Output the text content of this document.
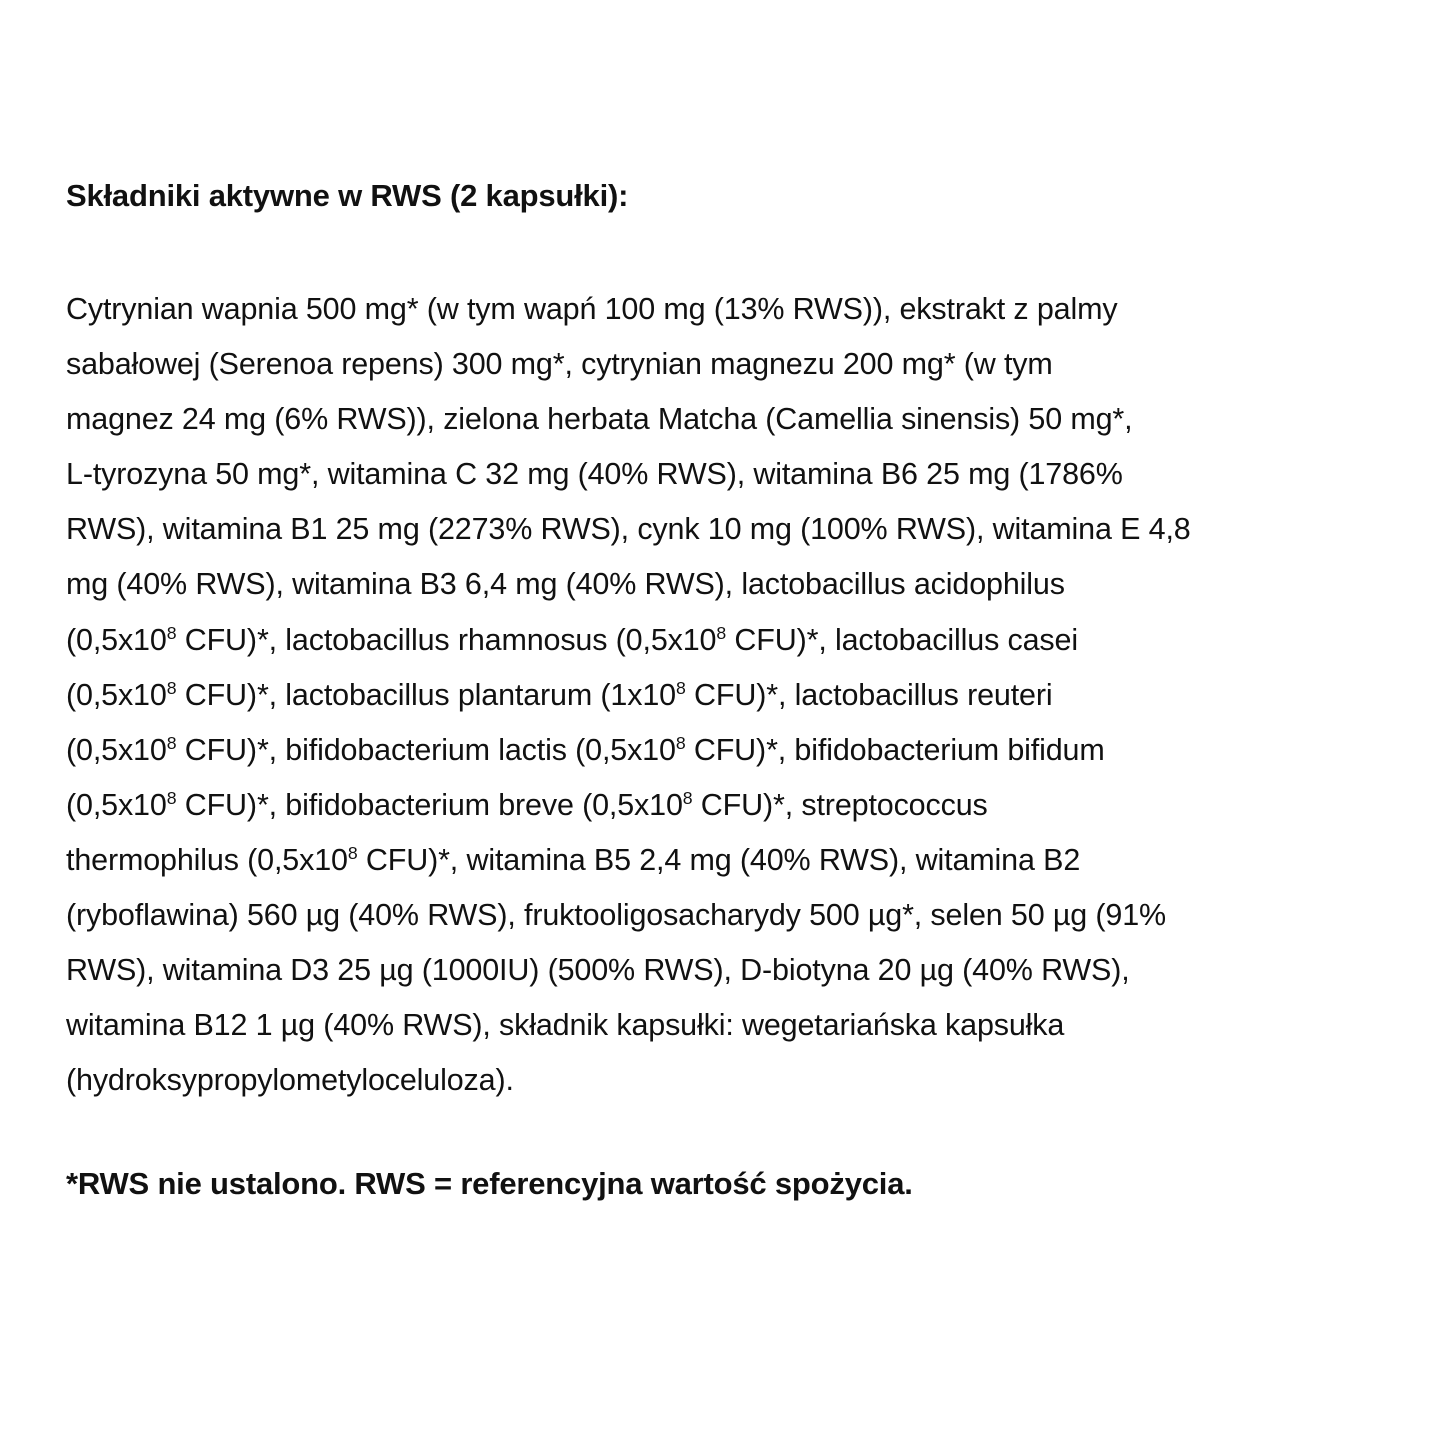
Składniki aktywne w RWS (2 kapsułki):

Cytrynian wapnia 500 mg* (w tym wapń 100 mg (13% RWS)), ekstrakt z palmy
sabałowej (Serenoa repens) 300 mg*, cytrynian magnezu 200 mg* (w tym
magnez 24 mg (6% RWS)), zielona herbata Matcha (Camellia sinensis) 50 mg*,
L-tyrozyna 50 mg*, witamina C 32 mg (40% RWS), witamina B6 25 mg (1786%
RWS), witamina B1 25 mg (2273% RWS), cynk 10 mg (100% RWS), witamina E 4,8
mg (40% RWS), witamina B3 6,4 mg (40% RWS), lactobacillus acidophilus
($0,5x10^8$ CFU)*, lactobacillus rhamnosus ($0,5x10^8$ CFU)*, lactobacillus casei
($0,5x10^8$ CFU)*, lactobacillus plantarum ($1x10^8$ CFU)*, lactobacillus reuteri
($0,5x10^8$ CFU)*, bifidobacterium lactis ($0,5x10^8$ CFU)*, bifidobacterium bifidum
($0,5x10^8$ CFU)*, bifidobacterium breve ($0,5x10^8$ CFU)*, streptococcus
thermophilus ($0,5x10^8$ CFU)*, witamina B5 2,4 mg (40% RWS), witamina B2
(ryboflawina) 560 µg (40% RWS), fruktooligosacharydy 500 µg*, selen 50 µg (91%
RWS), witamina D3 25 µg (1000IU) (500% RWS), D-biotyna 20 µg (40% RWS),
witamina B12 1 µg (40% RWS), składnik kapsułki: wegetariańska kapsułka
(hydroksypropylometyloceluloza).

*RWS nie ustalono. RWS = referencyjna wartość spożycia.
